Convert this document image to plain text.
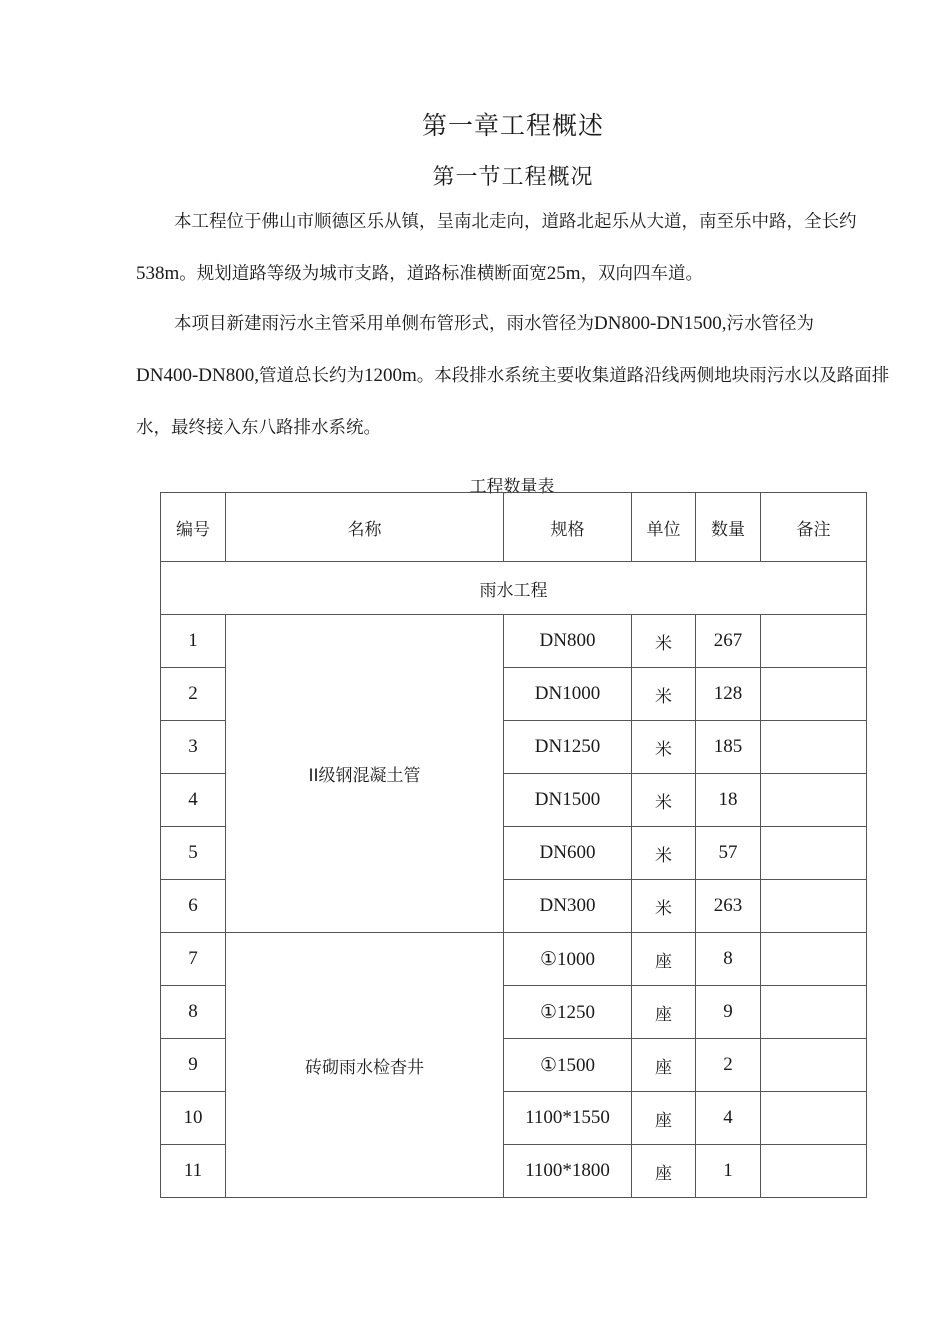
第一章工程概述
第一节工程概况

本工程位于佛山市顺德区乐从镇，呈南北走向，道路北起乐从大道，南至乐中路，全长约538m。规划道路等级为城市支路，道路标准横断面宽25m，双向四车道。

本项目新建雨污水主管采用单侧布管形式，雨水管径为DN800-DN1500,污水管径为
DN400-DN800,管道总长约为1200m。本段排水系统主要收集道路沿线两侧地块雨污水以及路面排水，最终接入东八路排水系统。

工程数量表
编号	名称	规格	单位	数量	备注
雨水工程					
1	II级钢混凝土管	DN800	米	267	
2		DN1000	米	128	
3		DN1250	米	185	
4		DN1500	米	18	
5		DN600	米	57	
6		DN300	米	263	
7	砖砌雨水检杳井	①1000	座	8	
8		①1250	座	9	
9		①1500	座	2	
10		1100*1550	座	4	
11		1100*1800	座	1	
